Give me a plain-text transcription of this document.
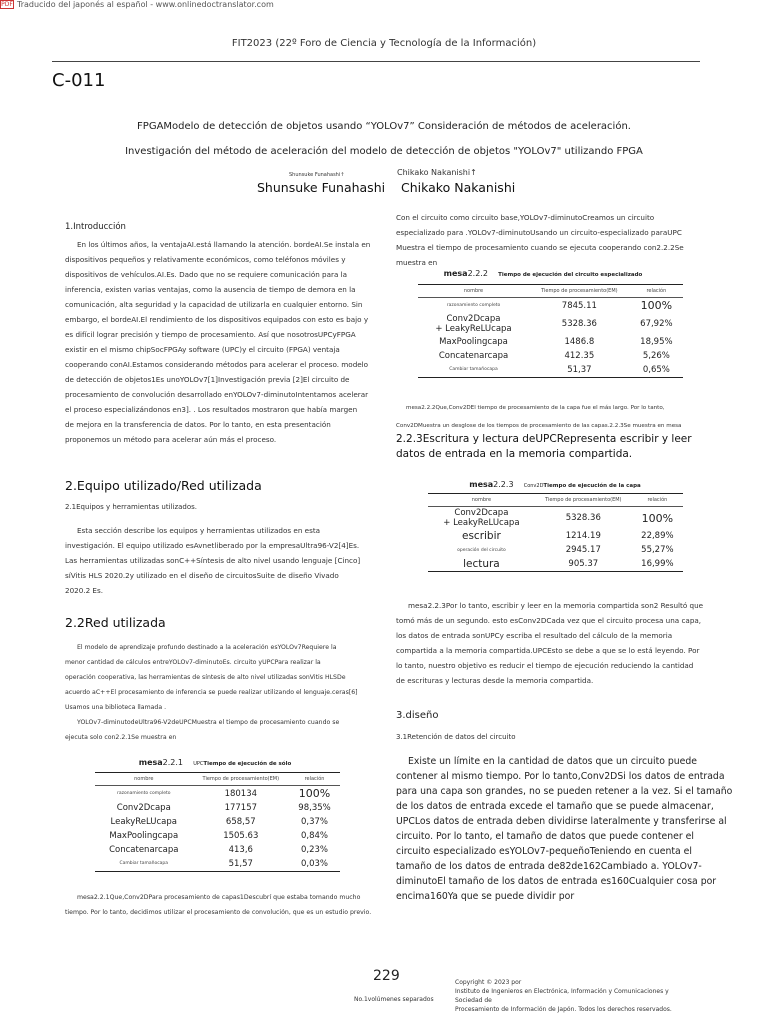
PDF Traducido del japonés al español - www.onlinedoctranslator.com
FIT2023 (22º Foro de Ciencia y Tecnología de la Información)
C-011
FPGAModelo de detección de objetos usando “YOLOv7” Consideración de métodos de aceleración.
Investigación del método de aceleración del modelo de detección de objetos "YOLOv7" utilizando FPGA
Shunsuke Funahashi↑
Shunsuke Funahashi
Chikako Nakanishi↑
Chikako Nakanishi
1.Introducción
En los últimos años, la ventajaAI.está llamando la atención. bordeAI.Se instala en
dispositivos pequeños y relativamente económicos, como teléfonos móviles y
dispositivos de vehículos.AI.Es. Dado que no se requiere comunicación para la
inferencia, existen varias ventajas, como la ausencia de tiempo de demora en la
comunicación, alta seguridad y la capacidad de utilizarla en cualquier entorno. Sin
embargo, el bordeAI.El rendimiento de los dispositivos equipados con esto es bajo y
es difícil lograr precisión y tiempo de procesamiento. Así que nosotrosUPCyFPGA
existir en el mismo chipSocFPGAy software (UPC)y el circuito (FPGA) ventaja
cooperando conAI.Estamos considerando métodos para acelerar el proceso. modelo
de detección de objetos1Es unoYOLOv7[1]Investigación previa [2]El circuito de
procesamiento de convolución desarrollado enYOLOv7-diminutoIntentamos acelerar
el proceso especializándonos en3]. . Los resultados mostraron que había margen
de mejora en la transferencia de datos. Por lo tanto, en esta presentación
proponemos un método para acelerar aún más el proceso.
2.Equipo utilizado/Red utilizada
2.1Equipos y herramientas utilizados.
Esta sección describe los equipos y herramientas utilizados en esta
investigación. El equipo utilizado esAvnetliberado por la empresaUltra96-V2[4]Es.
Las herramientas utilizadas sonC++Síntesis de alto nivel usando lenguaje [Cinco]
síVitis HLS 2020.2y utilizado en el diseño de circuitosSuite de diseño Vivado
2020.2 Es.
2.2Red utilizada
El modelo de aprendizaje profundo destinado a la aceleración esYOLOv7Requiere la
menor cantidad de cálculos entreYOLOv7-diminutoEs. circuito yUPCPara realizar la
operación cooperativa, las herramientas de síntesis de alto nivel utilizadas sonVitis HLSDe
acuerdo aC++El procesamiento de inferencia se puede realizar utilizando el lenguaje.ceras[6]
Usamos una biblioteca llamada .
YOLOv7-diminutodeUltra96-V2deUPCMuestra el tiempo de procesamiento cuando se
ejecuta solo con2.2.1Se muestra en
mesa2.2.1 UPCTiempo de ejecución de sólo
nombre	Tiempo de procesamiento(EM)	relación
razonamiento completo	180134	100%
Conv2Dcapa	177157	98,35%
LeakyReLUcapa	658,57	0,37%
MaxPoolingcapa	1505.63	0,84%
Concatenarcapa	413,6	0,23%
Cambiar tamañocapa	51,57	0,03%
mesa2.2.1Que,Conv2DPara procesamiento de capas1Descubrí que estaba tomando mucho
tiempo. Por lo tanto, decidimos utilizar el procesamiento de convolución, que es un estudio previo.
Con el circuito como circuito base,YOLOv7-diminutoCreamos un circuito
especializado para .YOLOv7-diminutoUsando un circuito-especializado paraUPC
Muestra el tiempo de procesamiento cuando se ejecuta cooperando con2.2.2Se
muestra en
mesa2.2.2 Tiempo de ejecución del circuito especializado
nombre	Tiempo de procesamiento(EM)	relación
razonamiento completo	7845.11	100%
Conv2Dcapa
+ LeakyReLUcapa	5328.36	67,92%
MaxPoolingcapa	1486.8	18,95%
Concatenarcapa	412.35	5,26%
Cambiar tamañocapa	51,37	0,65%
mesa2.2.2Que,Conv2DEl tiempo de procesamiento de la capa fue el más largo. Por lo tanto,
Conv2DMuestra un desglose de los tiempos de procesamiento de las capas.2.2.3Se muestra en mesa
2.2.3Escritura y lectura deUPCRepresenta escribir y leer datos de entrada en la memoria compartida.
mesa2.2.3 Conv2DTiempo de ejecución de la capa
nombre	Tiempo de procesamiento(EM)	relación
Conv2Dcapa
+ LeakyReLUcapa	5328.36	100%
escribir	1214.19	22,89%
operación del circuito	2945.17	55,27%
lectura	905.37	16,99%
mesa2.2.3Por lo tanto, escribir y leer en la memoria compartida son2 Resultó que
tomó más de un segundo. esto esConv2DCada vez que el circuito procesa una capa,
los datos de entrada sonUPCy escriba el resultado del cálculo de la memoria
compartida a la memoria compartida.UPCEsto se debe a que se lo está leyendo. Por
lo tanto, nuestro objetivo es reducir el tiempo de ejecución reduciendo la cantidad
de escrituras y lecturas desde la memoria compartida.
3.diseño
3.1Retención de datos del circuito
Existe un límite en la cantidad de datos que un circuito puede
contener al mismo tiempo. Por lo tanto,Conv2DSi los datos de entrada
para una capa son grandes, no se pueden retener a la vez. Si el tamaño
de los datos de entrada excede el tamaño que se puede almacenar,
UPCLos datos de entrada deben dividirse lateralmente y transferirse al
circuito. Por lo tanto, el tamaño de datos que puede contener el
circuito especializado esYOLOv7-pequeñoTeniendo en cuenta el
tamaño de los datos de entrada de82de162Cambiado a. YOLOv7-
diminutoEl tamaño de los datos de entrada es160Cualquier cosa por
encima160Ya que se puede dividir por
229
No.1volúmenes separados
Copyright © 2023 por
Instituto de Ingenieros en Electrónica, Información y Comunicaciones y Sociedad de
Procesamiento de Información de Japón. Todos los derechos reservados.
